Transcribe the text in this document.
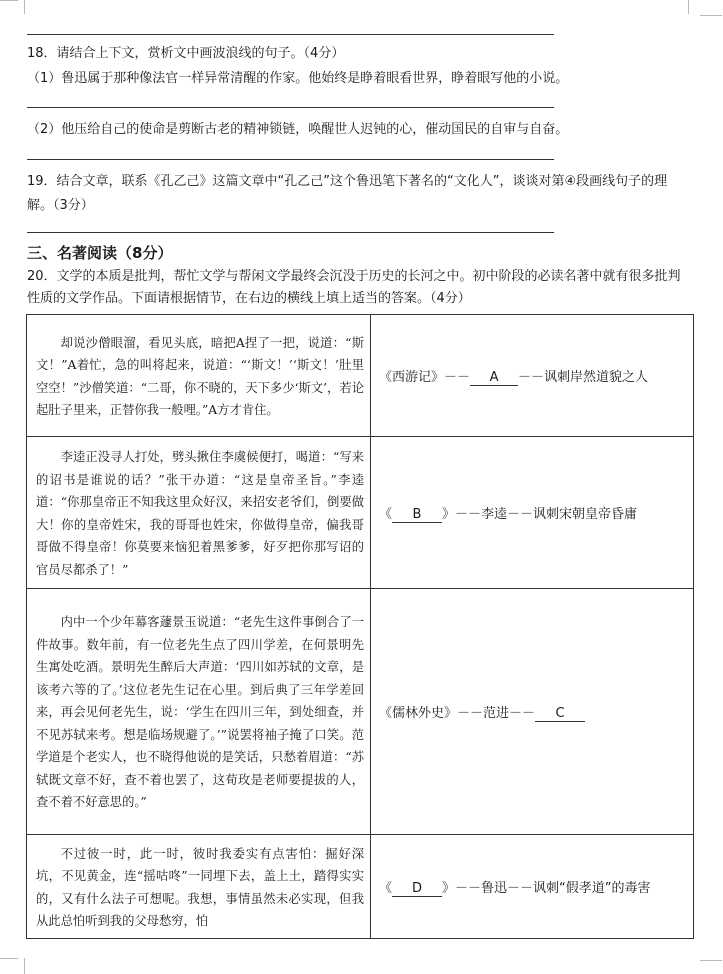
18．请结合上下文，赏析文中画波浪线的句子。（4分）
（1）鲁迅属于那种像法官一样异常清醒的作家。他始终是睁着眼看世界，睁着眼写他的小说。
（2）他压给自己的使命是剪断古老的精神锁链，唤醒世人迟钝的心，催动国民的自审与自奋。
19．结合文章，联系《孔乙己》这篇文章中“孔乙己”这个鲁迅笔下著名的“文化人”，谈谈对第④段画线句子的理解。（3分）
三、名著阅读（8分）
20．文学的本质是批判，帮忙文学与帮闲文学最终会沉没于历史的长河之中。初中阶段的必读名著中就有很多批判性质的文学作品。下面请根据情节，在右边的横线上填上适当的答案。（4分）
却说沙僧眼溜，看见头底，暗把A捏了一把，说道：“斯文！”A着忙，急的叫将起来，说道：“‘斯文！’‘斯文！’肚里空空！”沙僧笑道：“二哥，你不晓的，天下多少‘斯文’，若论起肚子里来，正替你我一般哩。”A方才肯住。	《西游记》－－ A －－讽刺岸然道貌之人
李逵正没寻人打处，劈头揪住李虞候便打，喝道：“写来的诏书是谁说的话？”张干办道：“这是皇帝圣旨。”李逵道：“你那皇帝正不知我这里众好汉，来招安老爷们，倒要做大！你的皇帝姓宋，我的哥哥也姓宋，你做得皇帝，偏我哥哥做不得皇帝！你莫要来恼犯着黑爹爹，好歹把你那写诏的官员尽都杀了！”	《 B 》－－李逵－－讽刺宋朝皇帝昏庸
内中一个少年幕客蘧景玉说道：“老先生这件事倒合了一件故事。数年前，有一位老先生点了四川学差，在何景明先生寓处吃酒。景明先生醉后大声道：‘四川如苏轼的文章，是该考六等的了。’这位老先生记在心里。到后典了三年学差回来，再会见何老先生，说：‘学生在四川三年，到处细查，并不见苏轼来考。想是临场规避了。’”说罢将袖子掩了口笑。范学道是个老实人，也不晓得他说的是笑话，只愁着眉道：“苏轼既文章不好，查不着也罢了，这荀玫是老师要提拔的人，查不着不好意思的。”	《儒林外史》－－范进－－ C
不过彼一时，此一时，彼时我委实有点害怕：掘好深坑，不见黄金，连“摇咕咚”一同埋下去，盖上土，踏得实实的，又有什么法子可想呢。我想，事情虽然未必实现，但我从此总怕听到我的父母愁穷，怕	《 D 》－－鲁迅－－讽刺“假孝道”的毒害
